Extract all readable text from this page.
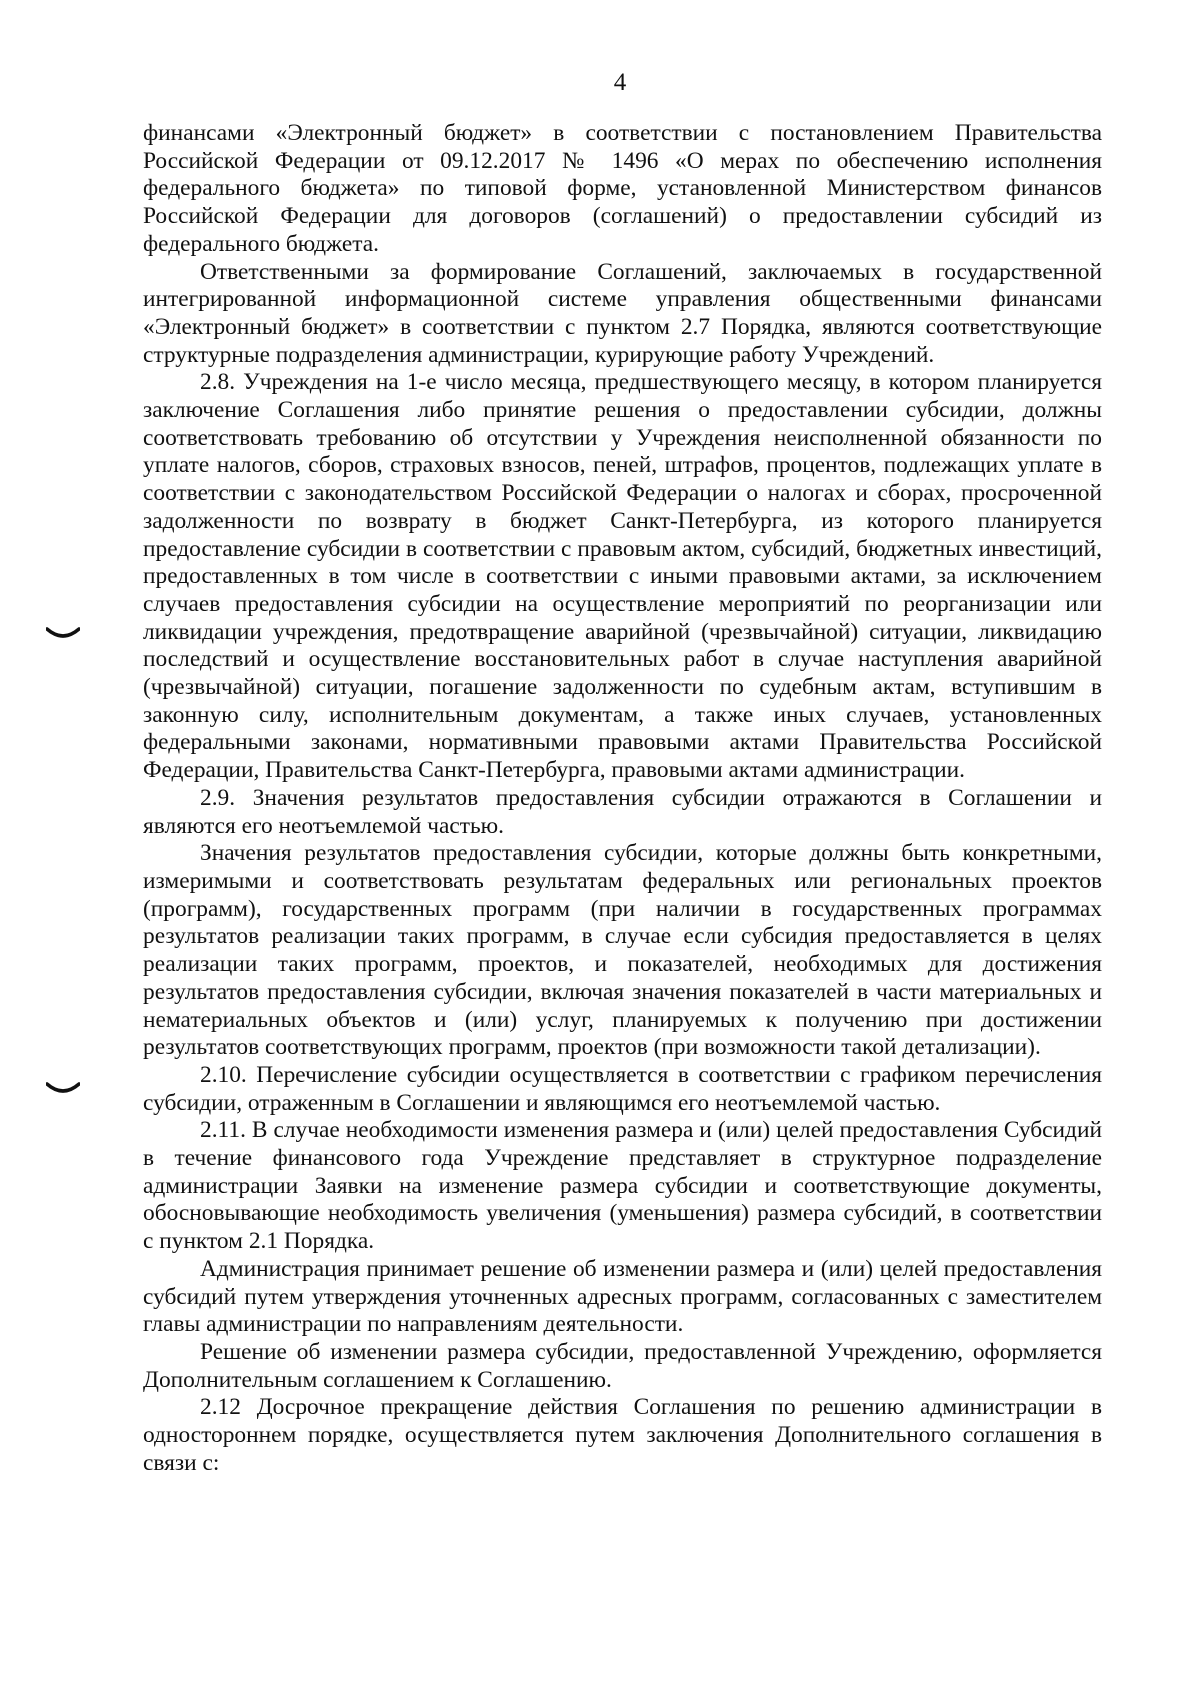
4

финансами «Электронный бюджет» в соответствии с постановлением Правительства Российской Федерации от 09.12.2017 № 1496 «О мерах по обеспечению исполнения федерального бюджета» по типовой форме, установленной Министерством финансов Российской Федерации для договоров (соглашений) о предоставлении субсидий из федерального бюджета.

Ответственными за формирование Соглашений, заключаемых в государственной интегрированной информационной системе управления общественными финансами «Электронный бюджет» в соответствии с пунктом 2.7 Порядка, являются соответствующие структурные подразделения администрации, курирующие работу Учреждений.

2.8. Учреждения на 1-е число месяца, предшествующего месяцу, в котором планируется заключение Соглашения либо принятие решения о предоставлении субсидии, должны соответствовать требованию об отсутствии у Учреждения неисполненной обязанности по уплате налогов, сборов, страховых взносов, пеней, штрафов, процентов, подлежащих уплате в соответствии с законодательством Российской Федерации о налогах и сборах, просроченной задолженности по возврату в бюджет Санкт-Петербурга, из которого планируется предоставление субсидии в соответствии с правовым актом, субсидий, бюджетных инвестиций, предоставленных в том числе в соответствии с иными правовыми актами, за исключением случаев предоставления субсидии на осуществление мероприятий по реорганизации или ликвидации учреждения, предотвращение аварийной (чрезвычайной) ситуации, ликвидацию последствий и осуществление восстановительных работ в случае наступления аварийной (чрезвычайной) ситуации, погашение задолженности по судебным актам, вступившим в законную силу, исполнительным документам, а также иных случаев, установленных федеральными законами, нормативными правовыми актами Правительства Российской Федерации, Правительства Санкт-Петербурга, правовыми актами администрации.

2.9. Значения результатов предоставления субсидии отражаются в Соглашении и являются его неотъемлемой частью.

Значения результатов предоставления субсидии, которые должны быть конкретными, измеримыми и соответствовать результатам федеральных или региональных проектов (программ), государственных программ (при наличии в государственных программах результатов реализации таких программ, в случае если субсидия предоставляется в целях реализации таких программ, проектов, и показателей, необходимых для достижения результатов предоставления субсидии, включая значения показателей в части материальных и нематериальных объектов и (или) услуг, планируемых к получению при достижении результатов соответствующих программ, проектов (при возможности такой детализации).

2.10. Перечисление субсидии осуществляется в соответствии с графиком перечисления субсидии, отраженным в Соглашении и являющимся его неотъемлемой частью.

2.11. В случае необходимости изменения размера и (или) целей предоставления Субсидий в течение финансового года Учреждение представляет в структурное подразделение администрации Заявки на изменение размера субсидии и соответствующие документы, обосновывающие необходимость увеличения (уменьшения) размера субсидий, в соответствии с пунктом 2.1 Порядка.

Администрация принимает решение об изменении размера и (или) целей предоставления субсидий путем утверждения уточненных адресных программ, согласованных с заместителем главы администрации по направлениям деятельности.

Решение об изменении размера субсидии, предоставленной Учреждению, оформляется Дополнительным соглашением к Соглашению.

2.12 Досрочное прекращение действия Соглашения по решению администрации в одностороннем порядке, осуществляется путем заключения Дополнительного соглашения в связи с:
